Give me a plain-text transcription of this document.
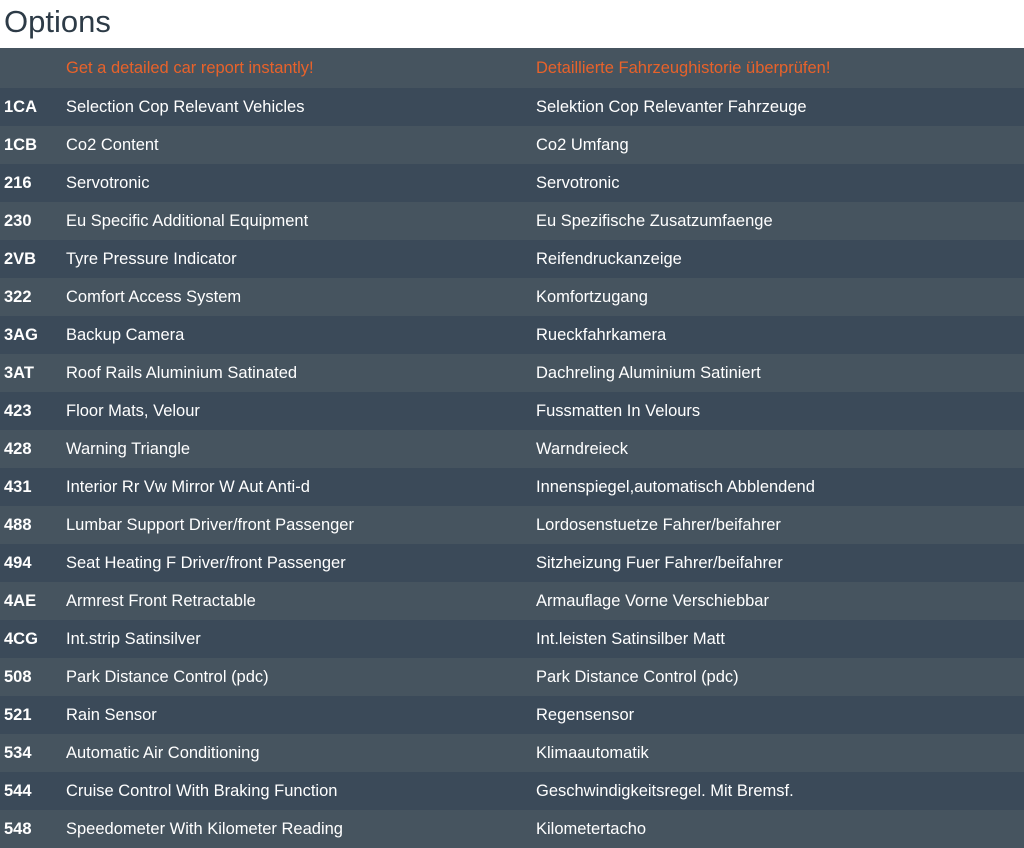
Options
	Get a detailed car report instantly!	Detaillierte Fahrzeughistorie überprüfen!
1CA	Selection Cop Relevant Vehicles	Selektion Cop Relevanter Fahrzeuge
1CB	Co2 Content	Co2 Umfang
216	Servotronic	Servotronic
230	Eu Specific Additional Equipment	Eu Spezifische Zusatzumfaenge
2VB	Tyre Pressure Indicator	Reifendruckanzeige
322	Comfort Access System	Komfortzugang
3AG	Backup Camera	Rueckfahrkamera
3AT	Roof Rails Aluminium Satinated	Dachreling Aluminium Satiniert
423	Floor Mats, Velour	Fussmatten In Velours
428	Warning Triangle	Warndreieck
431	Interior Rr Vw Mirror W Aut Anti-d	Innenspiegel,automatisch Abblendend
488	Lumbar Support Driver/front Passenger	Lordosenstuetze Fahrer/beifahrer
494	Seat Heating F Driver/front Passenger	Sitzheizung Fuer Fahrer/beifahrer
4AE	Armrest Front Retractable	Armauflage Vorne Verschiebbar
4CG	Int.strip Satinsilver	Int.leisten Satinsilber Matt
508	Park Distance Control (pdc)	Park Distance Control (pdc)
521	Rain Sensor	Regensensor
534	Automatic Air Conditioning	Klimaautomatik
544	Cruise Control With Braking Function	Geschwindigkeitsregel. Mit Bremsf.
548	Speedometer With Kilometer Reading	Kilometertacho
